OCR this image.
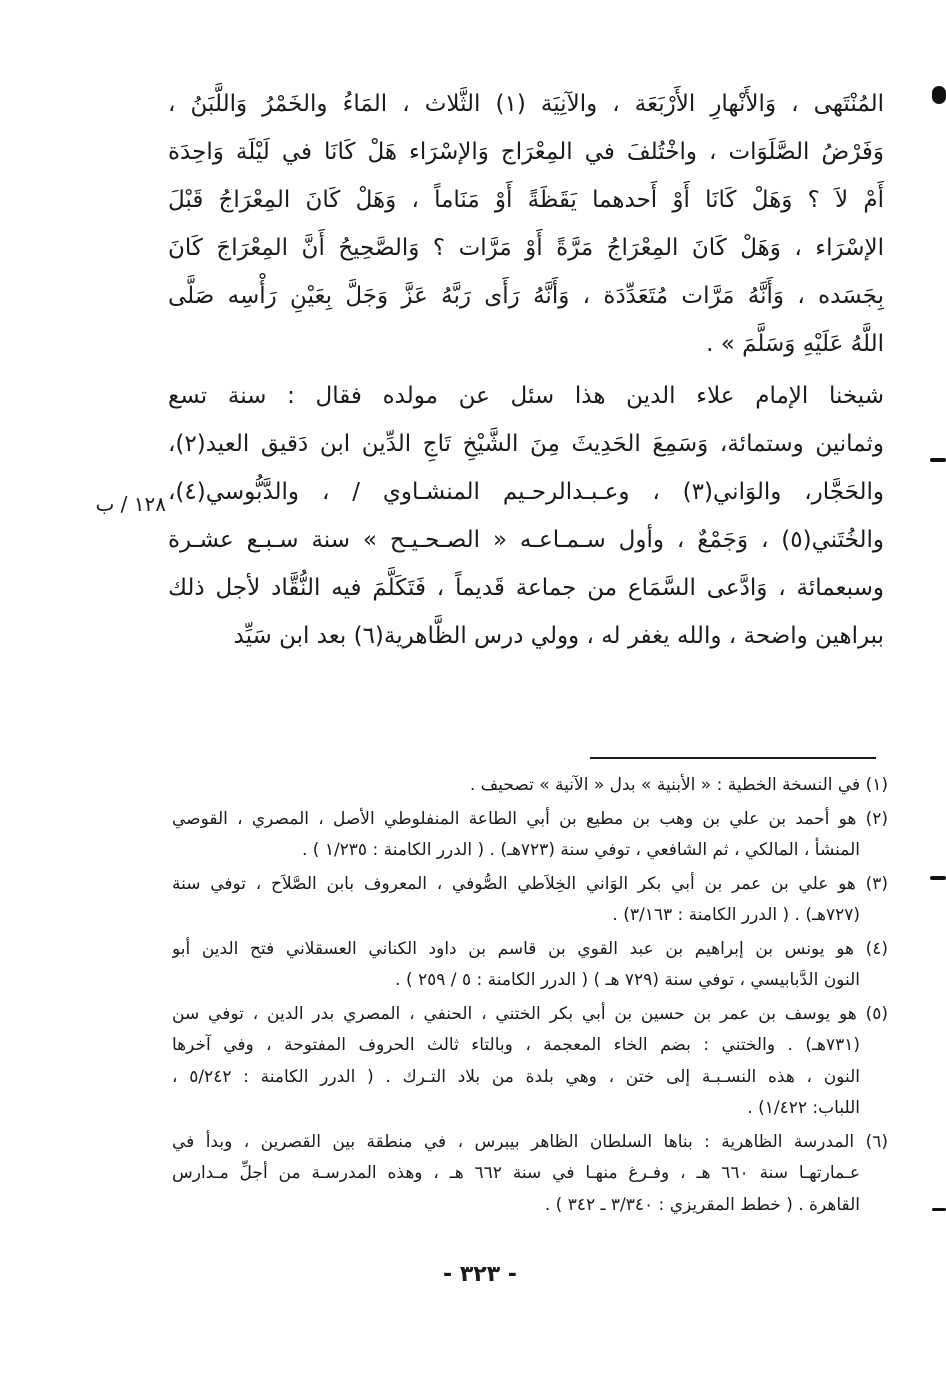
المُنْتَهى ، وَالأَنْهارِ الأَرْبَعَة ، والآنِيَة (١) الثَّلاث ، المَاءُ والخَمْرُ وَاللَّبَنُ ،
وَفَرْضُ الصَّلَوَات ، واخْتُلفَ في المِعْرَاج وَالإسْرَاء هَلْ كَانَا في لَيْلَة وَاحِدَة
أَمْ لاَ ؟ وَهَلْ كَانَا أَوْ أَحدهما يَقَظَةً أَوْ مَنَاماً ، وَهَلْ كَانَ المِعْرَاجُ قَبْلَ
الإسْرَاء ، وَهَلْ كَانَ المِعْرَاجُ مَرَّةً أَوْ مَرَّات ؟ وَالصَّحِيحُ أَنَّ المِعْرَاجَ كَانَ
بِجَسَده ، وَأَنَّهُ مَرَّات مُتَعَدِّدَة ، وَأَنَّهُ رَأَى رَبَّهُ عَزَّ وَجَلَّ بِعَيْنِ رَأْسِه صَلَّى
اللَّهُ عَلَيْهِ وَسَلَّمَ » .
شيخنا الإمام علاء الدين هذا سئل عن مولده فقال : سنة تسع
وثمانين وستمائة، وَسَمِعَ الحَدِيثَ مِنَ الشَّيْخِ تَاجِ الدِّين ابن دَقيق العيد(٢)،
والحَجَّار، والوَاني(٣) ، وعـبـدالرحـيم المنشـاوي / ، والدَّبُّوسي(٤)،
والخُتَني(٥) ، وَجَمْعٌ ، وأول سـمـاعـه « الصـحـيـح » سنة سـبـع عشـرة
وسبعمائة ، وَادَّعى السَّمَاع من جماعة قَديماً ، فَتَكَلَّمَ فيه النُّقَّاد لأجل ذلك
ببراهين واضحة ، والله يغفر له ، وولي درس الظَّاهرية(٦) بعد ابن سَيِّد
١٢٨ / ب
(١) في النسخة الخطية : « الأبنية » بدل « الآنية » تصحيف .
(٢) هو أحمد بن علي بن وهب بن مطيع بن أبي الطاعة المنفلوطي الأصل ، المصري ، القوصي
المنشأ ، المالكي ، ثم الشافعي ، توفي سنة (٧٢٣هـ) . ( الدرر الكامنة : ١/٢٣٥ ) .
(٣) هو علي بن عمر بن أبي بكر الوَاني الخِلاَطي الصُّوفي ، المعروف بابن الصَّلاَح ، توفي سنة
(٧٢٧هـ) . ( الدرر الكامنة : ٣/١٦٣) .
(٤) هو يونس بن إبراهيم بن عبد القوي بن قاسم بن داود الكناني العسقلاني فتح الدين أبو
النون الدَّبابيسي ، توفي سنة (٧٢٩ هـ ) ( الدرر الكامنة : ٥ / ٢٥٩ ) .
(٥) هو يوسف بن عمر بن حسين بن أبي بكر الختني ، الحنفي ، المصري بدر الدين ، توفي سن
(٧٣١هـ) . والختني : بضم الخاء المعجمة ، وبالتاء ثالث الحروف المفتوحة ، وفي آخرها
النون ، هذه النسـبـة إلى ختن ، وهي بلدة من بلاد التـرك . ( الدرر الكامنة : ٥/٢٤٢ ،
اللباب: ١/٤٢٢) .
(٦) المدرسة الظاهرية : بناها السلطان الظاهر بيبرس ، في منطقة بين القصرين ، وبدأ في
عـمارتهـا سنة ٦٦٠ هـ ، وفـرغ منهـا في سنة ٦٦٢ هـ ، وهذه المدرسـة من أجلِّ مـدارس
القاهرة . ( خطط المقريزي : ٣/٣٤٠ ـ ٣٤٢ ) .
- ٣٢٣ -
